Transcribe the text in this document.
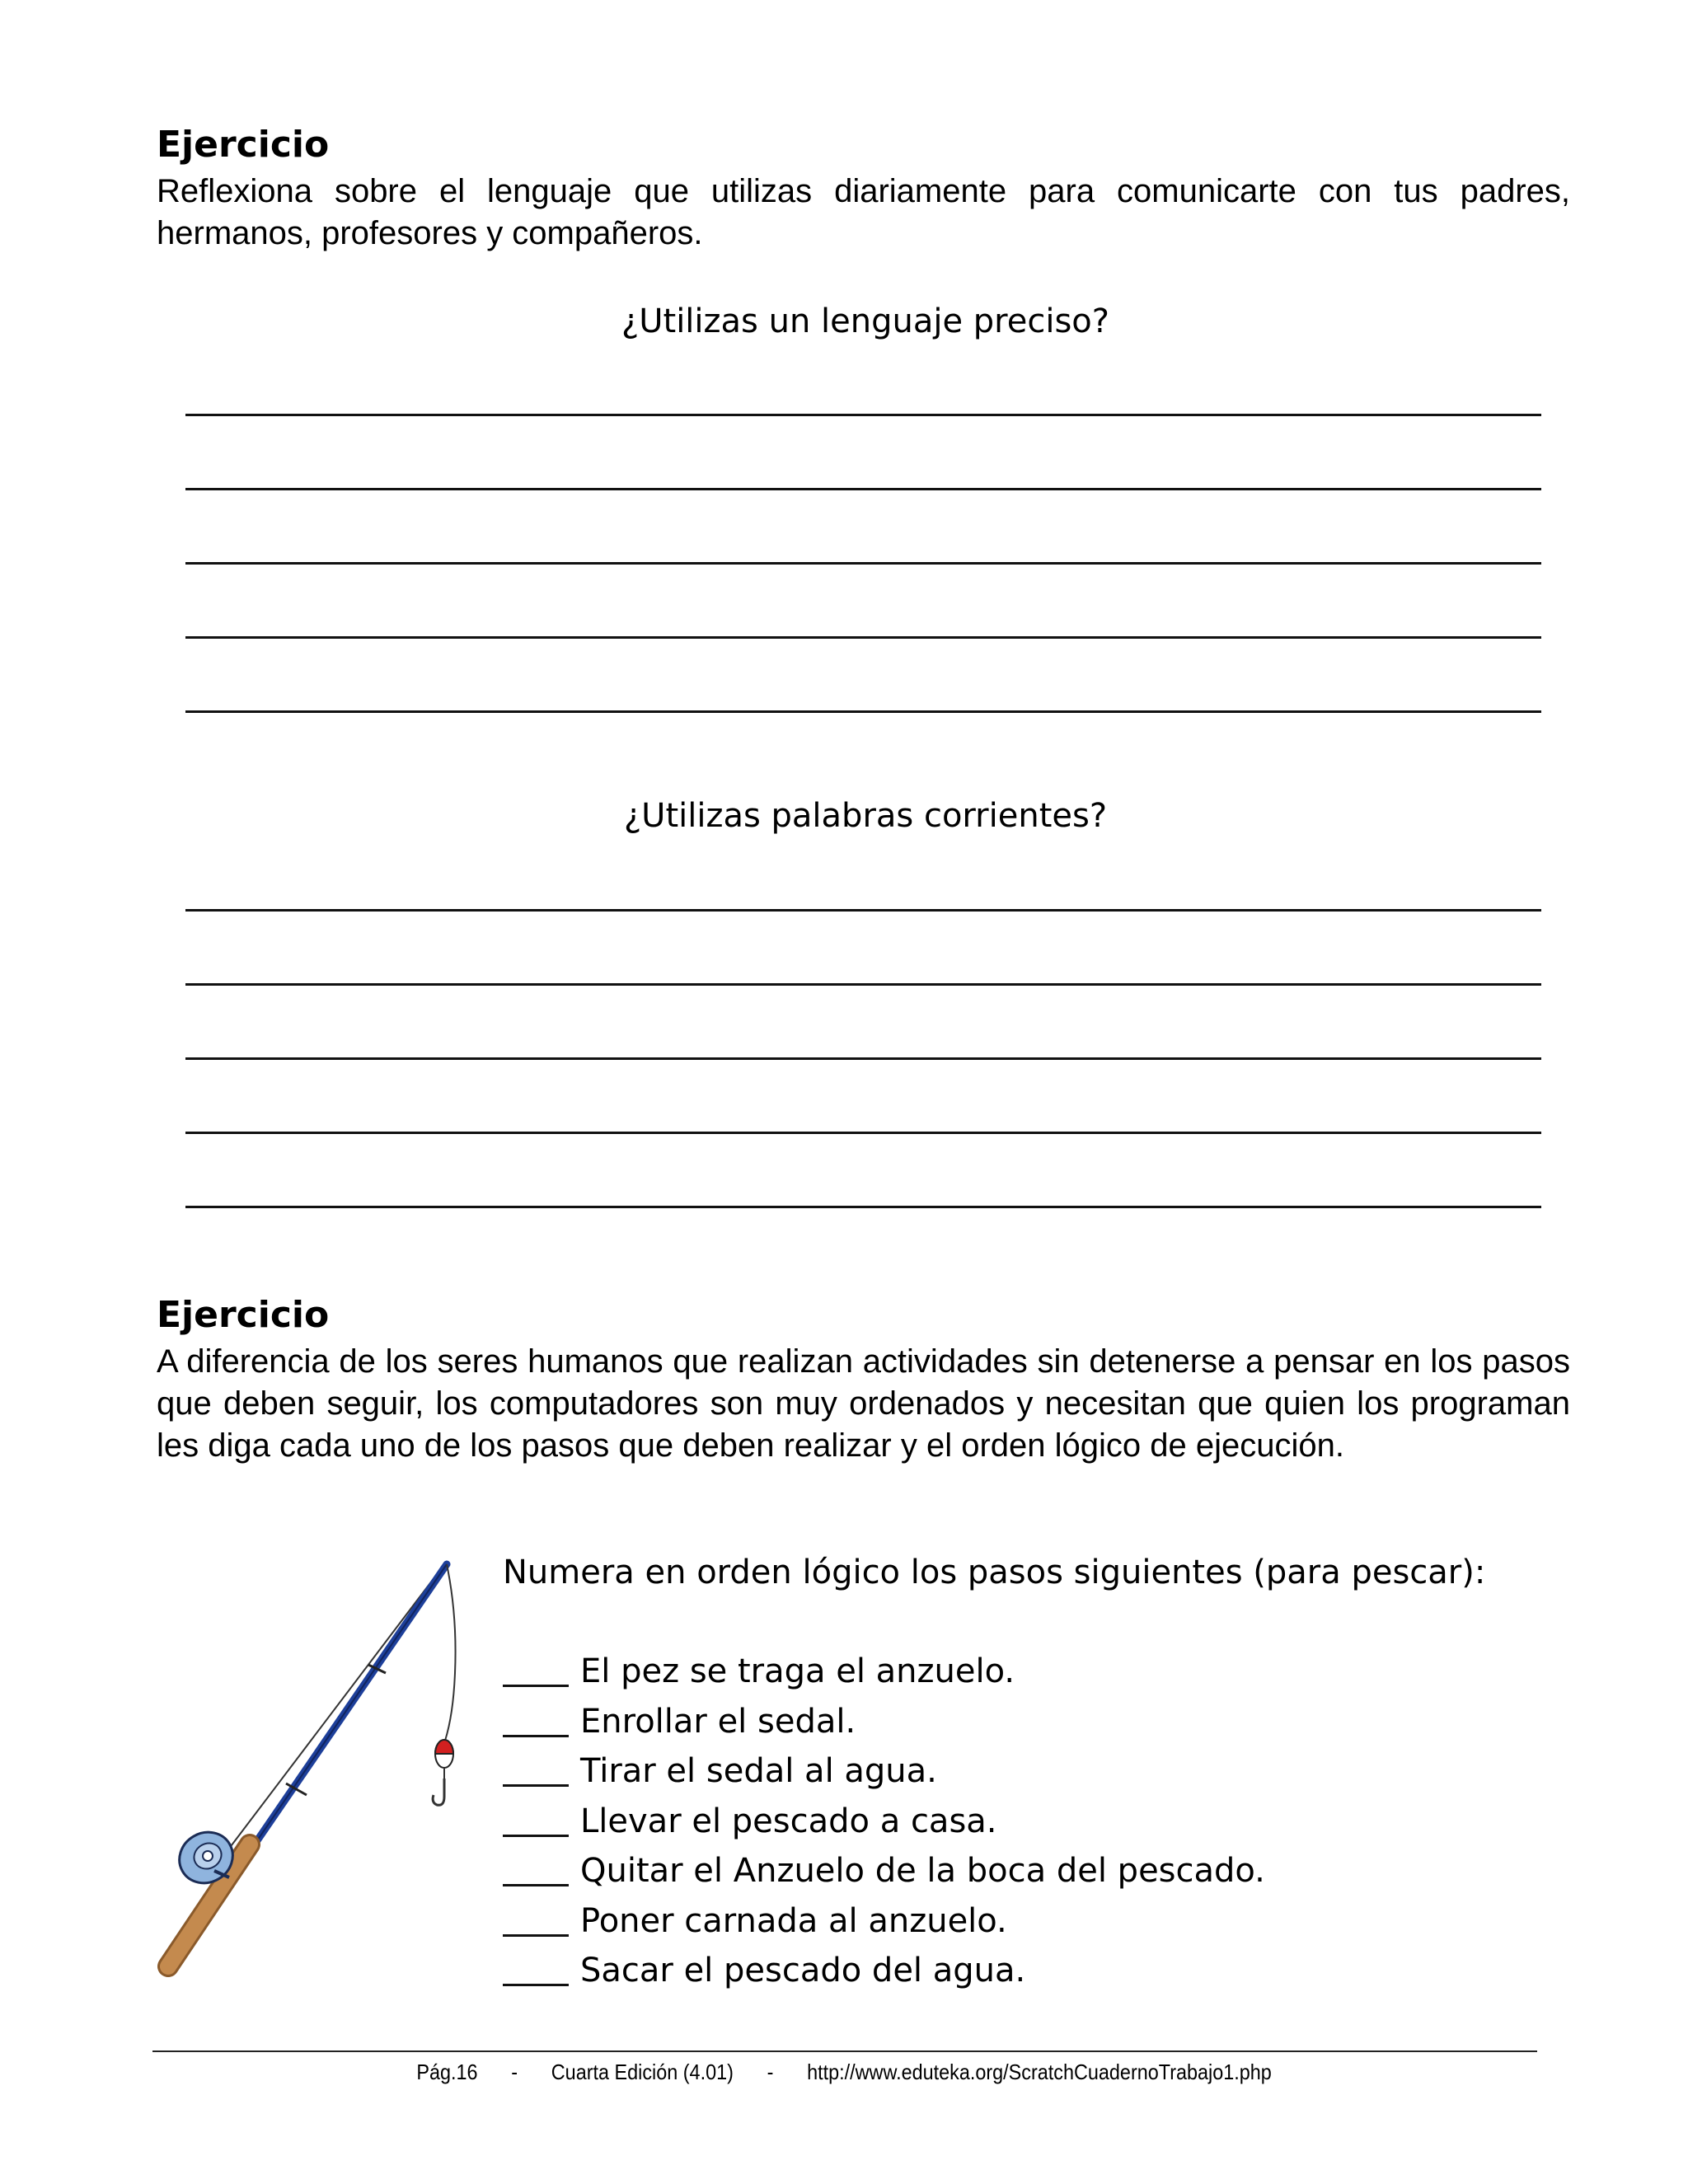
Ejercicio
Reflexiona sobre el lenguaje que utilizas diariamente para comunicarte con tus padres, hermanos, profesores y compañeros.
¿Utilizas un lenguaje preciso?
¿Utilizas palabras corrientes?
Ejercicio
A diferencia de los seres humanos que realizan actividades sin detenerse a pensar en los pasos que deben seguir, los computadores son muy ordenados y necesitan que quien los programan les diga cada uno de los pasos que deben realizar y el orden lógico de ejecución.
Numera en orden lógico los pasos siguientes (para pescar):
El pez se traga el anzuelo.
Enrollar el sedal.
Tirar el sedal al agua.
Llevar el pescado a casa.
Quitar el Anzuelo de la boca del pescado.
Poner carnada al anzuelo.
Sacar el pescado del agua.
Pág.16 - Cuarta Edición (4.01) - http://www.eduteka.org/ScratchCuadernoTrabajo1.php
